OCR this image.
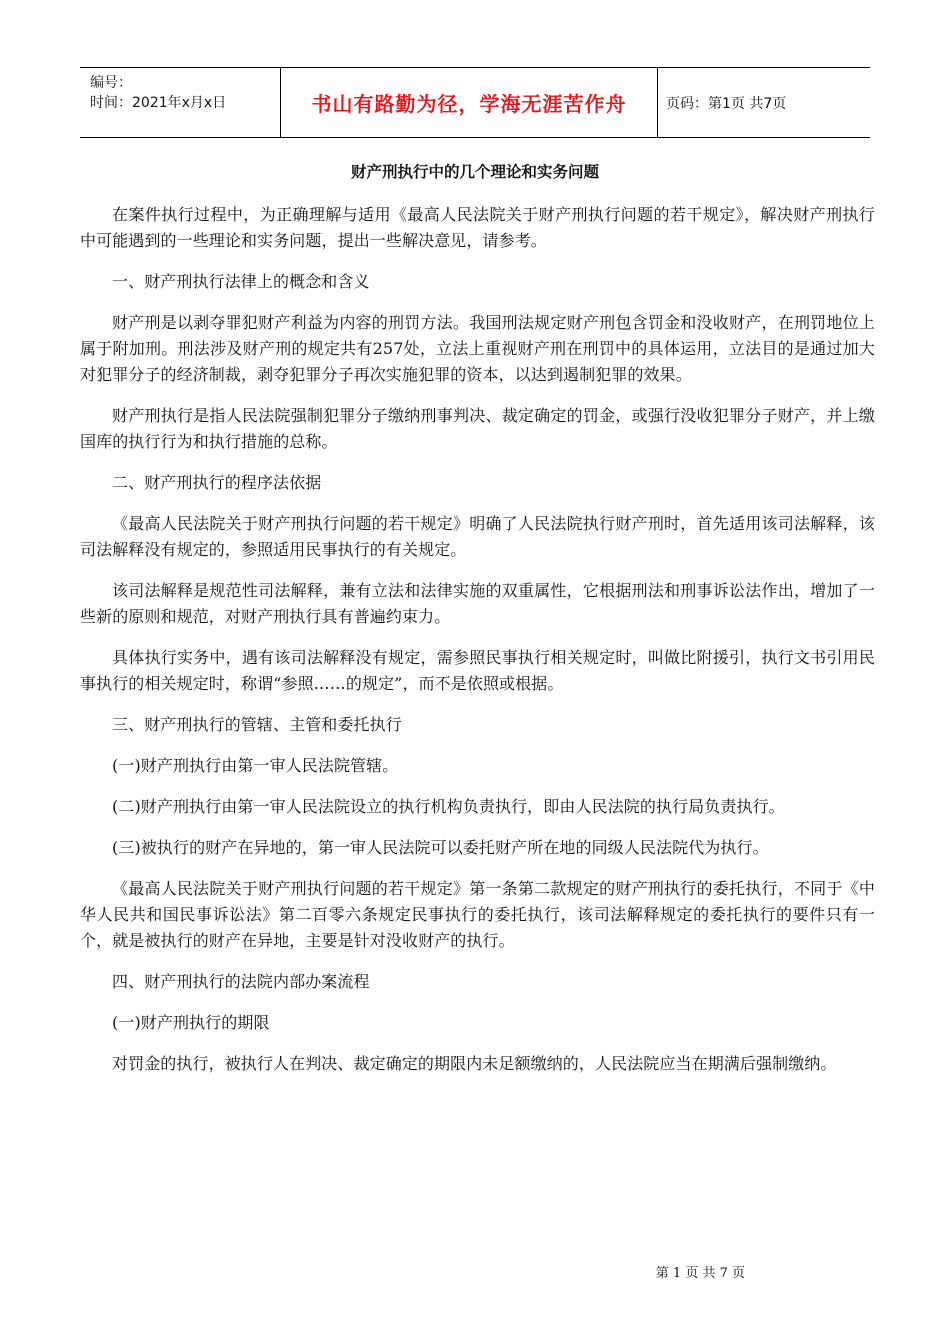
编号：
时间：2021年x月x日	书山有路勤为径，学海无涯苦作舟	页码：第1页 共7页
财产刑执行中的几个理论和实务问题

在案件执行过程中，为正确理解与适用《最高人民法院关于财产刑执行问题的若干规定》，解决财产刑执行中可能遇到的一些理论和实务问题，提出一些解决意见，请参考。

一、财产刑执行法律上的概念和含义

财产刑是以剥夺罪犯财产利益为内容的刑罚方法。我国刑法规定财产刑包含罚金和没收财产，在刑罚地位上属于附加刑。刑法涉及财产刑的规定共有257处，立法上重视财产刑在刑罚中的具体运用，立法目的是通过加大对犯罪分子的经济制裁，剥夺犯罪分子再次实施犯罪的资本，以达到遏制犯罪的效果。

财产刑执行是指人民法院强制犯罪分子缴纳刑事判决、裁定确定的罚金，或强行没收犯罪分子财产，并上缴国库的执行行为和执行措施的总称。

二、财产刑执行的程序法依据

《最高人民法院关于财产刑执行问题的若干规定》明确了人民法院执行财产刑时，首先适用该司法解释，该司法解释没有规定的，参照适用民事执行的有关规定。

该司法解释是规范性司法解释，兼有立法和法律实施的双重属性，它根据刑法和刑事诉讼法作出，增加了一些新的原则和规范，对财产刑执行具有普遍约束力。

具体执行实务中，遇有该司法解释没有规定，需参照民事执行相关规定时，叫做比附援引，执行文书引用民事执行的相关规定时，称谓“参照……的规定”，而不是依照或根据。

三、财产刑执行的管辖、主管和委托执行

(一)财产刑执行由第一审人民法院管辖。

(二)财产刑执行由第一审人民法院设立的执行机构负责执行，即由人民法院的执行局负责执行。

(三)被执行的财产在异地的，第一审人民法院可以委托财产所在地的同级人民法院代为执行。

《最高人民法院关于财产刑执行问题的若干规定》第一条第二款规定的财产刑执行的委托执行，不同于《中华人民共和国民事诉讼法》第二百零六条规定民事执行的委托执行，该司法解释规定的委托执行的要件只有一个，就是被执行的财产在异地，主要是针对没收财产的执行。

四、财产刑执行的法院内部办案流程

(一)财产刑执行的期限

对罚金的执行，被执行人在判决、裁定确定的期限内未足额缴纳的，人民法院应当在期满后强制缴纳。

第 1 页 共 7 页
